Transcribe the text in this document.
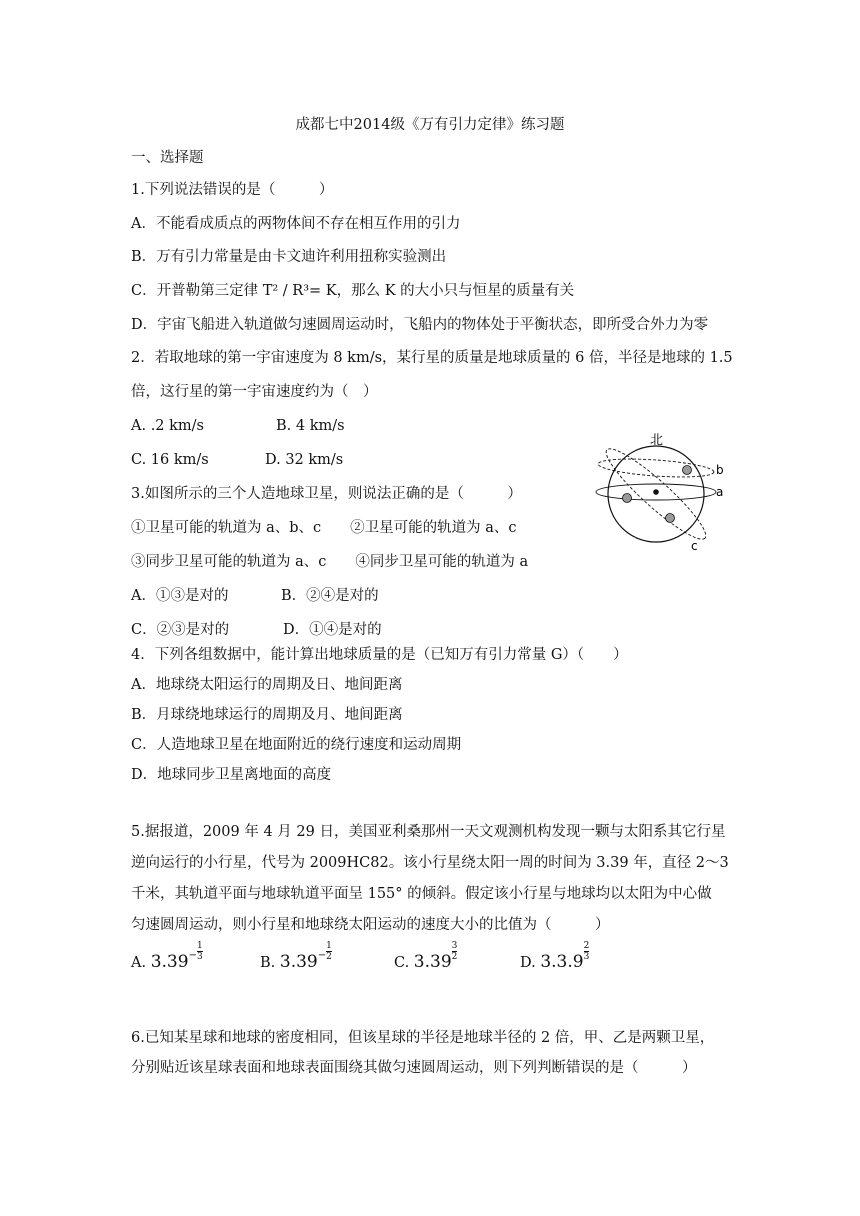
成都七中2014级《万有引力定律》练习题
一、选择题
1.下列说法错误的是（　　　）
A．不能看成质点的两物体间不存在相互作用的引力
B．万有引力常量是由卡文迪许利用扭称实验测出
C．开普勒第三定律 T² / R³= K，那么 K 的大小只与恒星的质量有关
D．宇宙飞船进入轨道做匀速圆周运动时，飞船内的物体处于平衡状态，即所受合外力为零
2．若取地球的第一宇宙速度为 8 km/s，某行星的质量是地球质量的 6 倍，半径是地球的 1.5
倍，这行星的第一宇宙速度约为（　）
A. .2 km/s	B. 4 km/s
C. 16 km/s	D. 32 km/s
北
b
a
c
3.如图所示的三个人造地球卫星，则说法正确的是（　　　）
①卫星可能的轨道为 a、b、c　　②卫星可能的轨道为 a、c
③同步卫星可能的轨道为 a、c　　④同步卫星可能的轨道为 a
A．①③是对的	B．②④是对的
C．②③是对的	D．①④是对的
4．下列各组数据中，能计算出地球质量的是（已知万有引力常量 G）（　　）
A．地球绕太阳运行的周期及日、地间距离
B．月球绕地球运行的周期及月、地间距离
C．人造地球卫星在地面附近的绕行速度和运动周期
D．地球同步卫星离地面的高度
5.据报道，2009 年 4 月 29 日，美国亚利桑那州一天文观测机构发现一颗与太阳系其它行星
逆向运行的小行星，代号为 2009HC82。该小行星绕太阳一周的时间为 3.39 年，直径 2～3
千米，其轨道平面与地球轨道平面呈 155° 的倾斜。假定该小行星与地球均以太阳为中心做
匀速圆周运动，则小行星和地球绕太阳运动的速度大小的比值为（　　　）
A. $3.39^- \frac{1}{3}$
B. $3.39^- \frac{1}{2}$
C. $3.39 \frac{3}{2}$
D. $3.3.9 \frac{2}{3}$
6.已知某星球和地球的密度相同，但该星球的半径是地球半径的 2 倍，甲、乙是两颗卫星，
分别贴近该星球表面和地球表面围绕其做匀速圆周运动，则下列判断错误的是（　　　）
